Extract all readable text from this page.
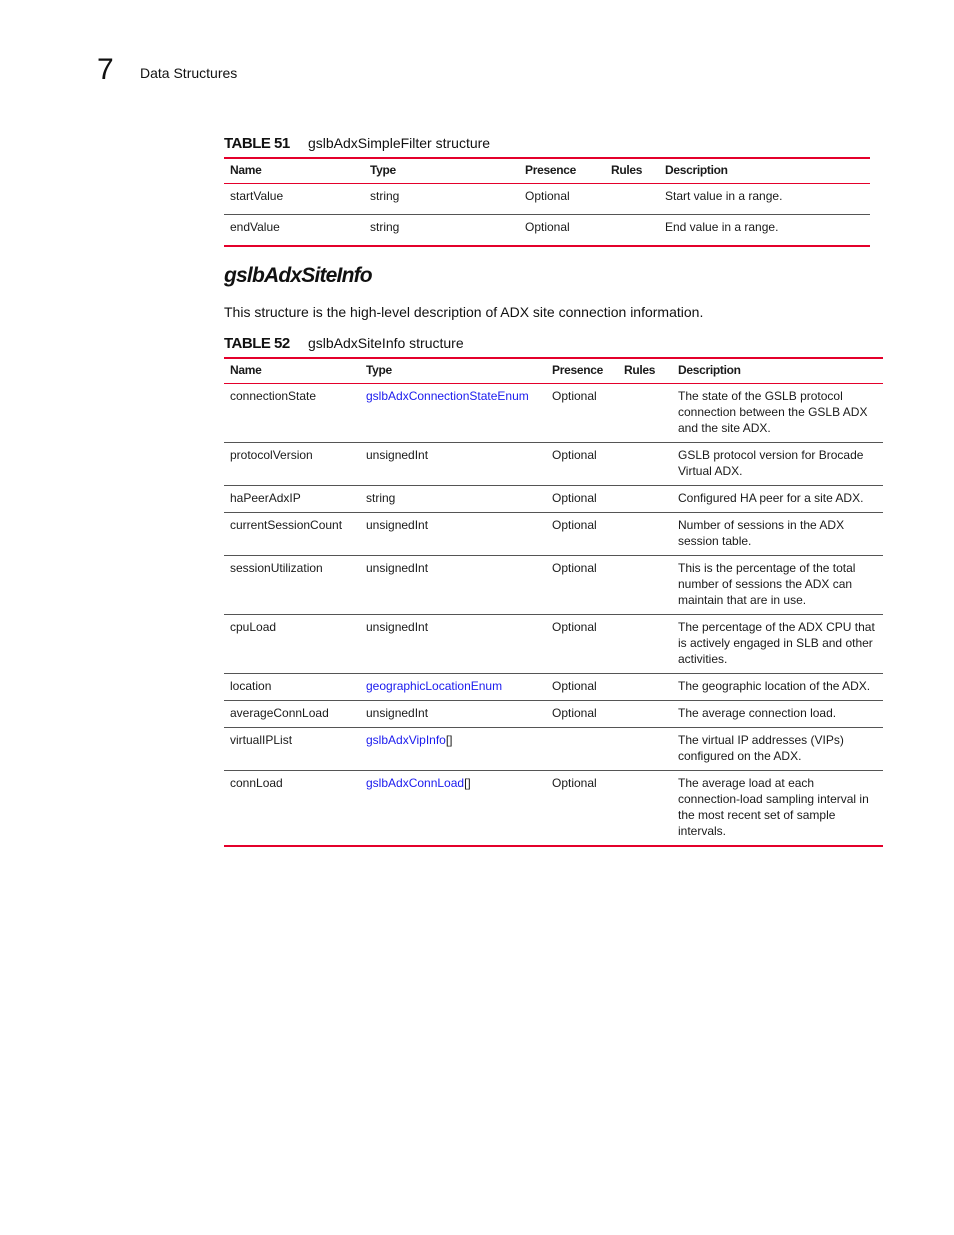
7 Data Structures
TABLE 51 gslbAdxSimpleFilter structure
Name	Type	Presence	Rules	Description
startValue	string	Optional		Start value in a range.
endValue	string	Optional		End value in a range.
gslbAdxSiteInfo
This structure is the high-level description of ADX site connection information.
TABLE 52 gslbAdxSiteInfo structure
Name	Type	Presence	Rules	Description
connectionState	gslbAdxConnectionStateEnum	Optional		The state of the GSLB protocol connection between the GSLB ADX and the site ADX.
protocolVersion	unsignedInt	Optional		GSLB protocol version for Brocade Virtual ADX.
haPeerAdxIP	string	Optional		Configured HA peer for a site ADX.
currentSessionCount	unsignedInt	Optional		Number of sessions in the ADX session table.
sessionUtilization	unsignedInt	Optional		This is the percentage of the total number of sessions the ADX can maintain that are in use.
cpuLoad	unsignedInt	Optional		The percentage of the ADX CPU that is actively engaged in SLB and other activities.
location	geographicLocationEnum	Optional		The geographic location of the ADX.
averageConnLoad	unsignedInt	Optional		The average connection load.
virtualIPList	gslbAdxVipInfo[]			The virtual IP addresses (VIPs) configured on the ADX.
connLoad	gslbAdxConnLoad[]	Optional		The average load at each connection-load sampling interval in the most recent set of sample intervals.
